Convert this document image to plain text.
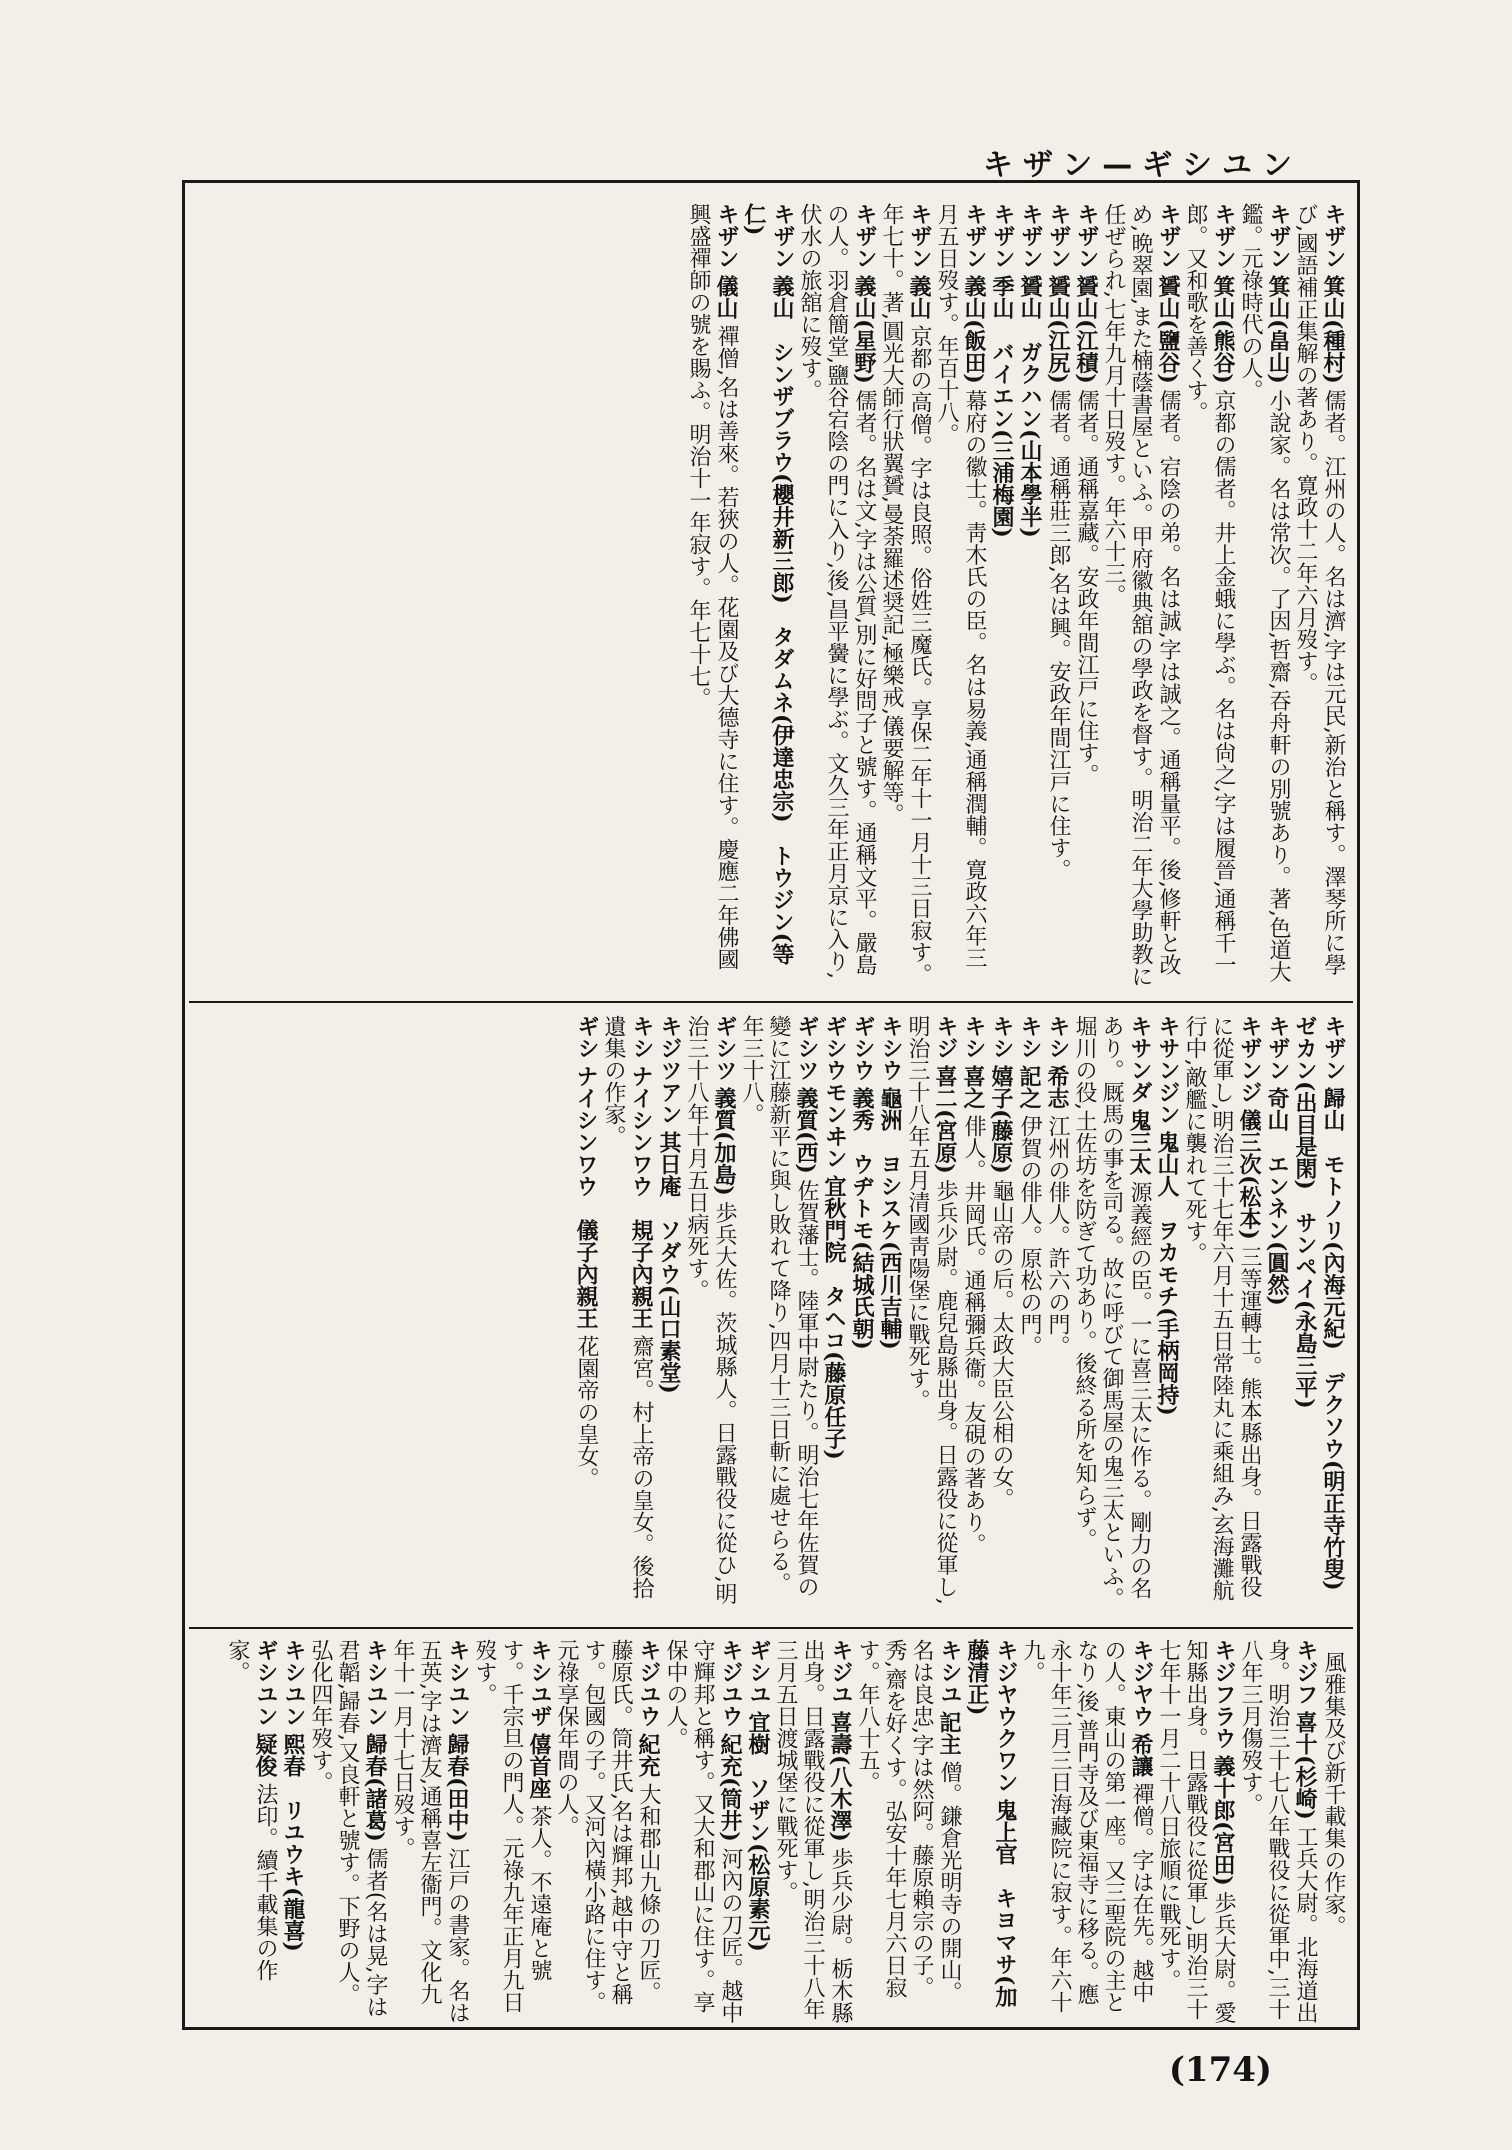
キザン—ギシユン
キザン箕山(種村)儒者。江州の人。名は濟,字は元民,新治と稱す。澤琴所に學び,國語補正集解の著あり。寛政十二年六月歿す。
キザン箕山(畠山)小說家。名は常次。了因,哲齋,吞舟軒の別號あり。著,色道大鑑。元祿時代の人。
キザン箕山(熊谷)京都の儒者。井上金蛾に學ぶ。名は尙之,字は履晉,通稱千一郎。又和歌を善くす。
キザン贇山(鹽谷)儒者。宕陰の弟。名は誠,字は誠之。通稱量平。後,修軒と改め,晩翠園,また楠蔭書屋といふ。甲府徽典舘の學政を督す。明治二年大學助教に任ぜられ,七年九月十日歿す。年六十三。
キザン贇山(江積)儒者。通稱嘉藏。安政年間江戸に住す。
キザン贇山(江尻)儒者。通稱莊三郎,名は興。安政年間江戸に住す。
キザン贇山　ガクハン(山本學半)
キザン季山　バイエン(三浦梅園)
キザン義山(飯田)幕府の徽士。靑木氏の臣。名は易義,通稱潤輔。寛政六年三月五日歿す。年百十八。
キザン義山京都の高僧。字は良照。俗姓三魔氏。享保二年十一月十三日寂す。年七十。著,圓光大師行狀翼贇,曼荼羅述奨記,極樂戒,儀要解等。
キザン義山(星野)儒者。名は文,字は公質,別に好問子と號す。通稱文平。嚴島の人。羽倉簡堂,鹽谷宕陰の門に入り,後,昌平黌に學ぶ。文久三年正月京に入り,伏水の旅舘に歿す。
キザン義山　シンザブラウ(櫻井新三郎)　タダムネ(伊達忠宗)　トウジン(等仁)
キザン儀山禪僧,名は善來。若狹の人。花園及び大德寺に住す。慶應二年佛國興盛禪師の號を賜ふ。明治十一年寂す。年七十七。
キザン歸山　モトノリ(內海元紀)　デクソウ(明正寺竹叟)　ゼカン(出目是閑)　サンペイ(永島三平)
キザン奇山　エンネン(圓然)
キザンジ儀三次(松本)三等運轉士。熊本縣出身。日露戰役に從軍し,明治三十七年六月十五日常陸丸に乘組み,玄海灘航行中,敵艦に襲れて死す。
キサンジン鬼山人　ヲカモチ(手柄岡持)
キサンダ鬼三太源義經の臣。一に喜三太に作る。剛力の名あり。厩馬の事を司る。故に呼びて御馬屋の鬼三太といふ。堀川の役,土佐坊を防ぎて功あり。後終る所を知らず。
キシ希志江州の俳人。許六の門。
キシ記之伊賀の俳人。原松の門。
キシ嬉子(藤原)龜山帝の后。太政大臣公相の女。
キシ喜之俳人。井岡氏。通稱彌兵衞。友硯の著あり。
キジ喜二(宮原)歩兵少尉。鹿兒島縣出身。日露役に從軍し,明治三十八年五月清國靑陽堡に戰死す。
キシウ龜洲　ヨシスケ(西川吉輔)
ギシウ義秀　ウヂトモ(結城氏朝)
ギシウモンヰン宜秋門院　タヘコ(藤原任子)
ギシツ義質(西)佐賀藩士。陸軍中尉たり。明治七年佐賀の變に江藤新平に與し敗れて降り,四月十三日斬に處せらる。年三十八。
ギシツ義質(加島)歩兵大佐。茨城縣人。日露戰役に從ひ,明治三十八年十月五日病死す。
キジツアン其日庵　ソダウ(山口素堂)
キシナイシンワウ　規子內親王齋宮。村上帝の皇女。後拾遺集の作家。
ギシナイシンワウ　儀子內親王花園帝の皇女。
風雅集及び新千載集の作家。
キジフ喜十(杉崎)工兵大尉。北海道出身。明治三十七八年戰役に從軍中,三十八年三月傷歿す。
キジフラウ義十郎(宮田)歩兵大尉。愛知縣出身。日露戰役に從軍し,明治三十七年十一月二十八日旅順に戰死す。
キジヤウ希讓禪僧。字は在先。越中の人。東山の第一座。又三聖院の主となり,後,普門寺及び東福寺に移る。應永十年三月三日海藏院に寂す。年六十九。
キジヤウクワン鬼上官　キヨマサ(加藤清正)
キシユ記主僧。鎌倉光明寺の開山。名は良忠,字は然阿。藤原賴宗の子。秀,齋を好くす。弘安十年七月六日寂す。年八十五。
キジユ喜壽(八木澤)歩兵少尉。栃木縣出身。日露戰役に從軍し,明治三十八年三月五日渡城堡に戰死す。
ギシユ宜樹　ソザン(松原素元)
キジユウ紀充(筒井)河內の刀匠。越中守輝邦と稱す。又大和郡山に住す。享保中の人。
キジユウ紀充大和郡山九條の刀匠。藤原氏。筒井氏,名は輝邦,越中守と稱す。包國の子。又河內橫小路に住す。元祿享保年間の人。
キシユザ僖首座茶人。不遠庵と號す。千宗旦の門人。元祿九年正月九日歿す。
キシユン歸春(田中)江戸の書家。名は五英,字は濟友,通稱喜左衞門。文化九年十一月十七日歿す。
キシユン歸春(諸葛)儒者(名は晃,字は君韜,歸春,又良軒と號す。下野の人。弘化四年歿す。
キシユン熙春　リユウキ(龍喜)
ギシユン疑俊法印。續千載集の作家。
(174)
